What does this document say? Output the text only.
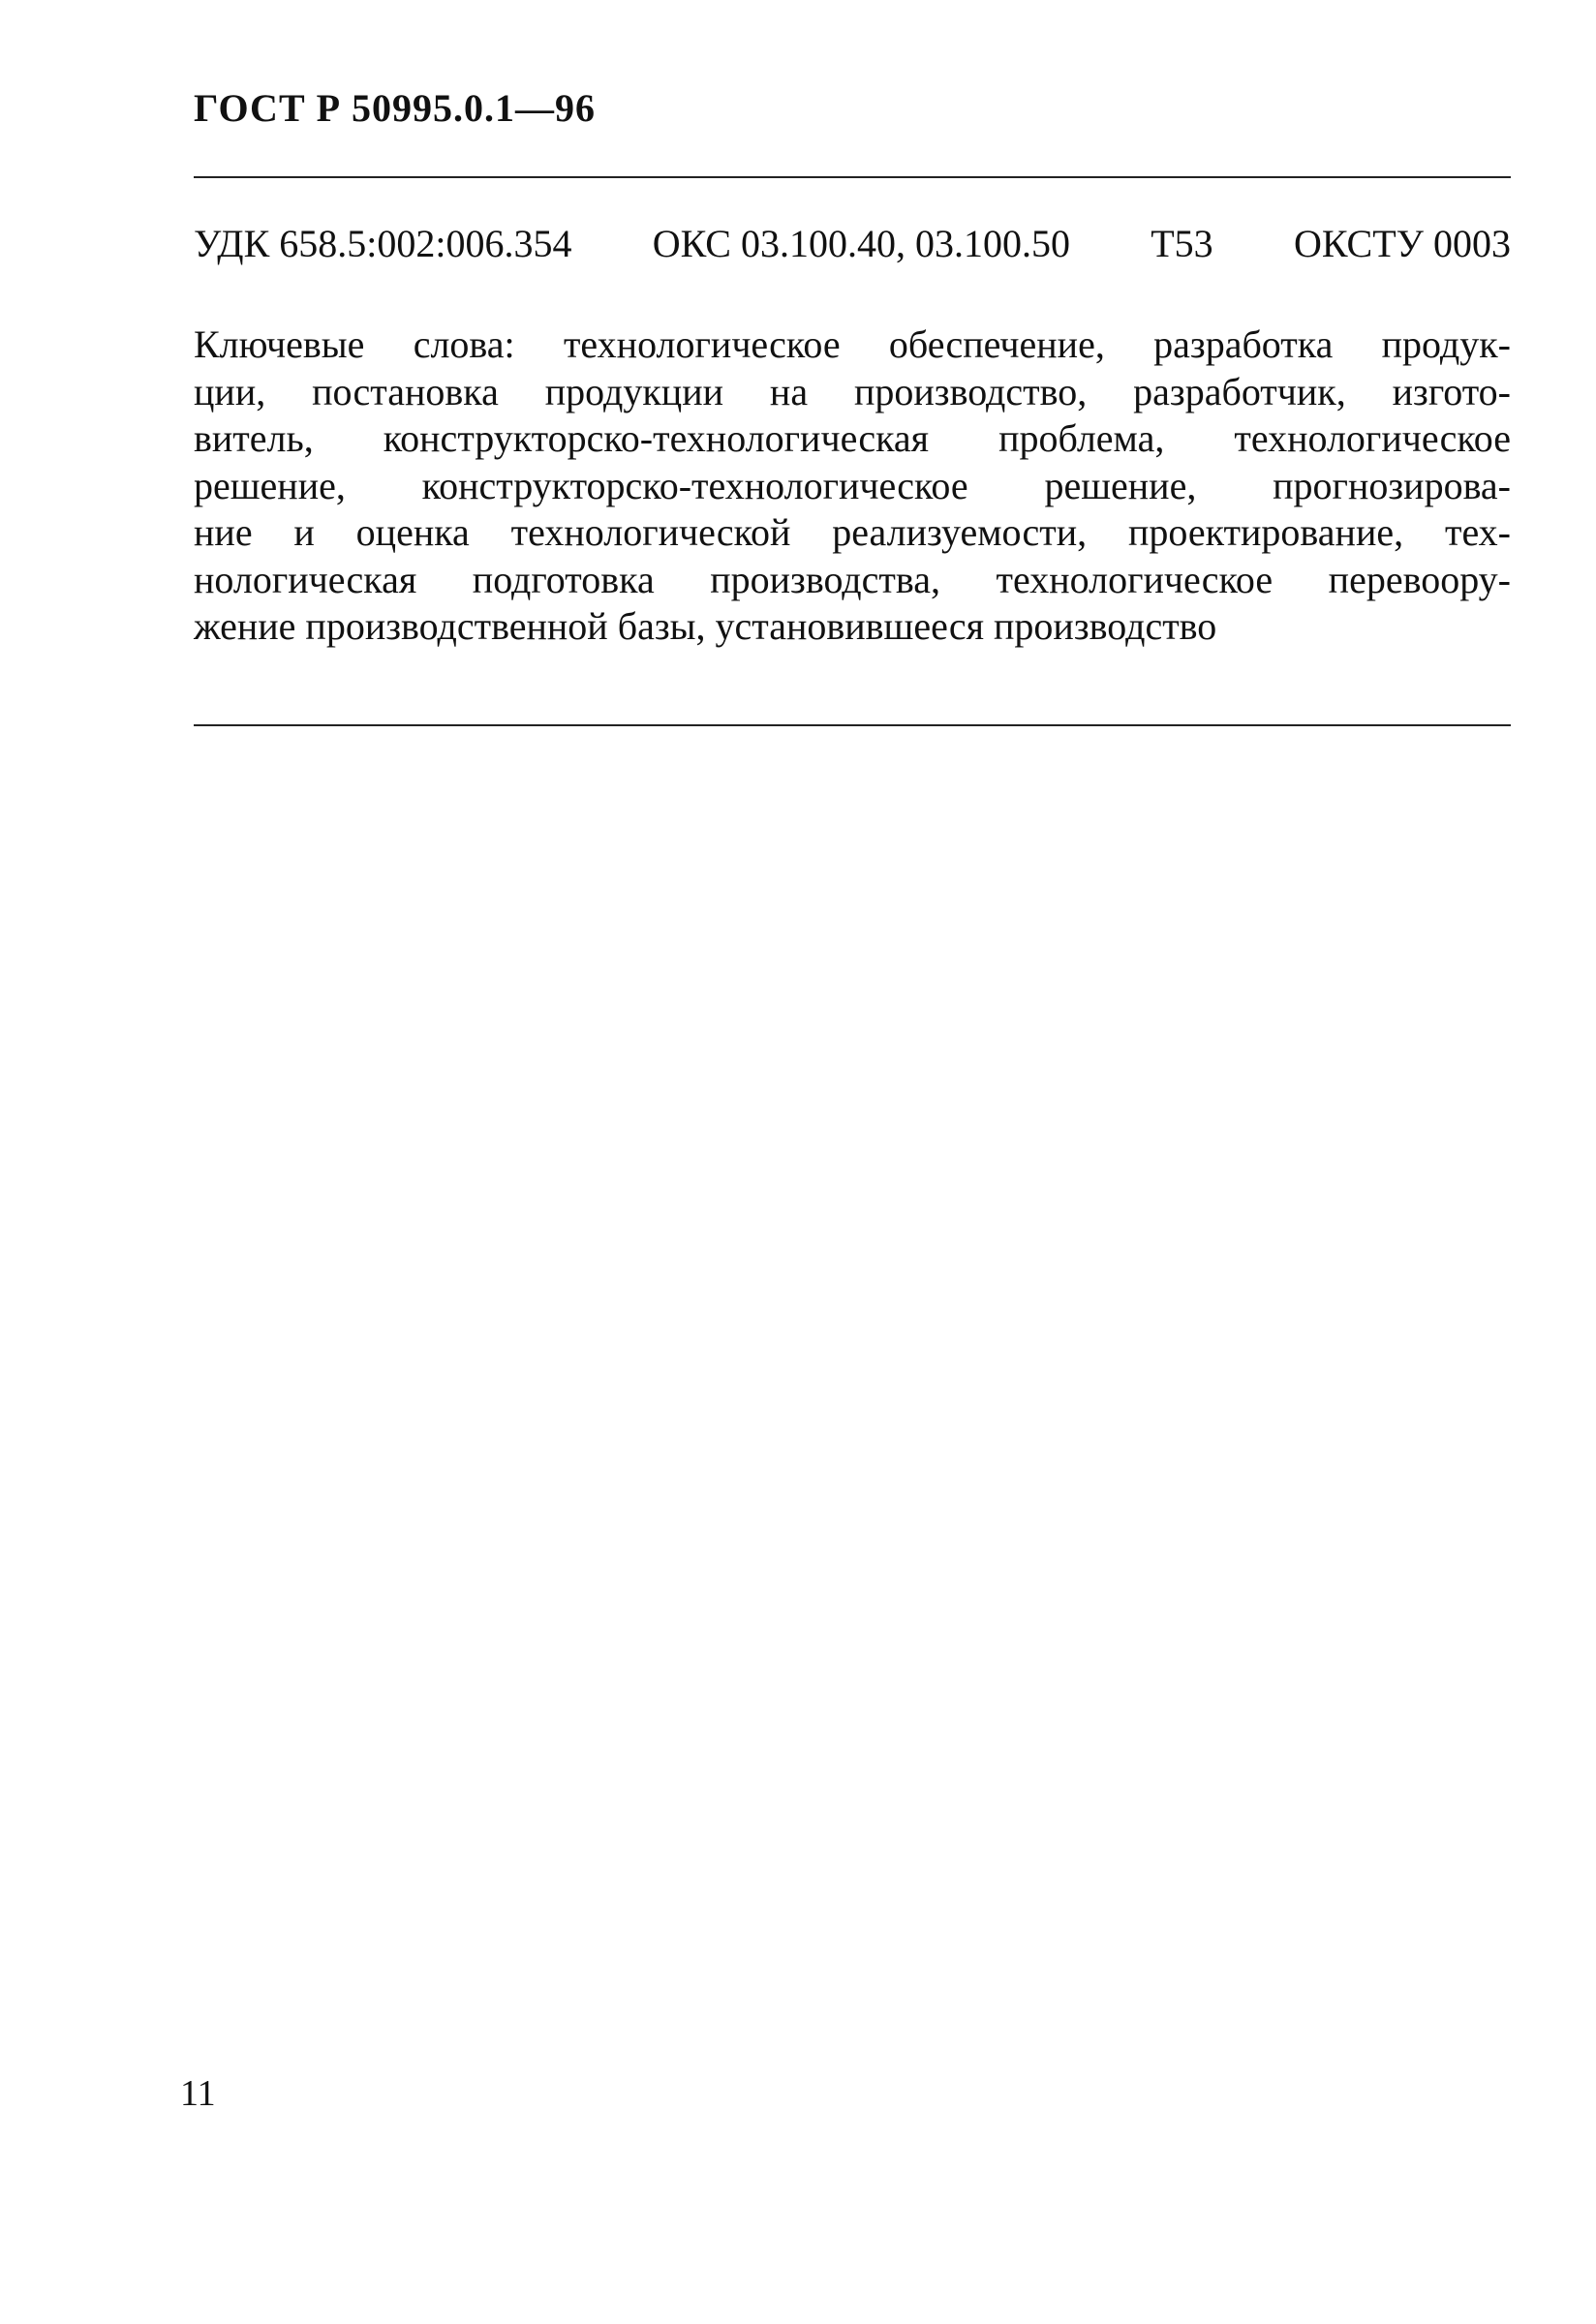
ГОСТ Р 50995.0.1—96
УДК 658.5:002:006.354 ОКС 03.100.40, 03.100.50 Т53 ОКСТУ 0003
Ключевые слова: технологическое обеспечение, разработка продук-
ции, постановка продукции на производство, разработчик, изгото-
витель, конструкторско-технологическая проблема, технологическое
решение, конструкторско-технологическое решение, прогнозирова-
ние и оценка технологической реализуемости, проектирование, тех-
нологическая подготовка производства, технологическое перевоору-
жение производственной базы, установившееся производство
11
